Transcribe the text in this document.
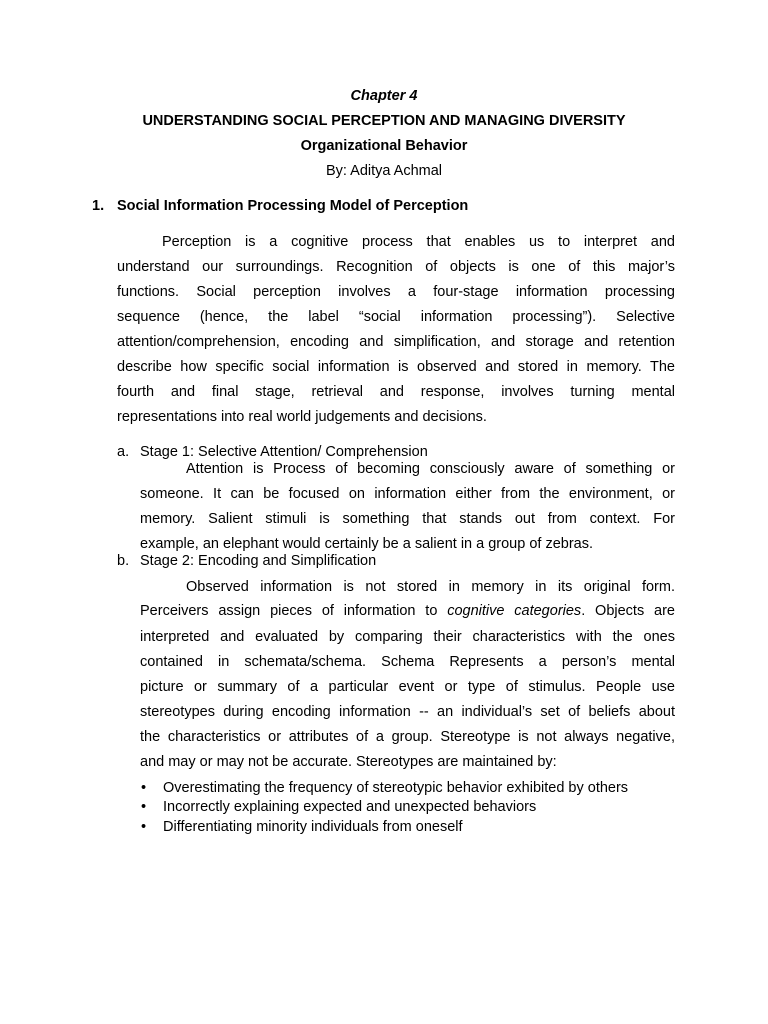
Chapter 4
UNDERSTANDING SOCIAL PERCEPTION AND MANAGING DIVERSITY
Organizational Behavior
By: Aditya Achmal
1. Social Information Processing Model of Perception
Perception is a cognitive process that enables us to interpret and
understand our surroundings. Recognition of objects is one of this major’s
functions. Social perception involves a four-stage information processing
sequence (hence, the label “social information processing”). Selective
attention/comprehension, encoding and simplification, and storage and retention
describe how specific social information is observed and stored in memory. The
fourth and final stage, retrieval and response, involves turning mental
representations into real world judgements and decisions.
a. Stage 1: Selective Attention/ Comprehension
Attention is Process of becoming consciously aware of something or
someone. It can be focused on information either from the environment, or
memory. Salient stimuli is something that stands out from context. For
example, an elephant would certainly be a salient in a group of zebras.
b. Stage 2: Encoding and Simplification
Observed information is not stored in memory in its original form.
Perceivers assign pieces of information to cognitive categories. Objects are
interpreted and evaluated by comparing their characteristics with the ones
contained in schemata/schema. Schema Represents a person’s mental
picture or summary of a particular event or type of stimulus. People use
stereotypes during encoding information -- an individual’s set of beliefs about
the characteristics or attributes of a group. Stereotype is not always negative,
and may or may not be accurate. Stereotypes are maintained by:
• Overestimating the frequency of stereotypic behavior exhibited by others
• Incorrectly explaining expected and unexpected behaviors
• Differentiating minority individuals from oneself
